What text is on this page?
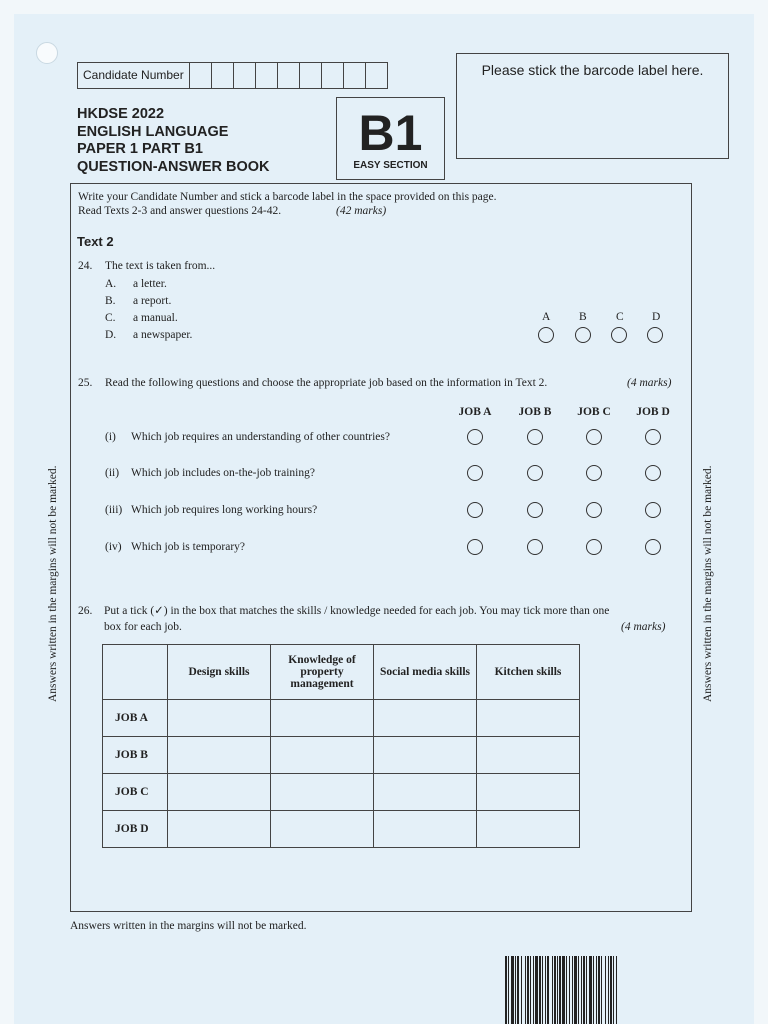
Candidate Number	Please stick the barcode label here.
HKDSE 2022
ENGLISH LANGUAGE
PAPER 1 PART B1
QUESTION-ANSWER BOOK
B1
EASY SECTION
Write your Candidate Number and stick a barcode label in the space provided on this page.
Read Texts 2-3 and answer questions 24-42.	(42 marks)
Text 2
24. The text is taken from...
A. a letter.
B. a report.
C. a manual.
D. a newspaper.
A B	C D
25. Read the following questions and choose the appropriate job based on the information in Text 2.	(4 marks)
JOB A	JOB B	JOB C	JOB D
(i) Which job requires an understanding of other countries?
(ii) Which job includes on-the-job training?
(iii) Which job requires long working hours?
(iv) Which job is temporary?
26. Put a tick (✓) in the box that matches the skills / knowledge needed for each job. You may tick more than one
box for each job.	(4 marks)
	Design skills	Knowledge of property management	Social media skills	Kitchen skills
JOB A				
JOB B				
JOB C				
JOB D				
Answers written in the margins will not be marked.	Answers written in the margins will not be marked.
Answers written in the margins will not be marked.
